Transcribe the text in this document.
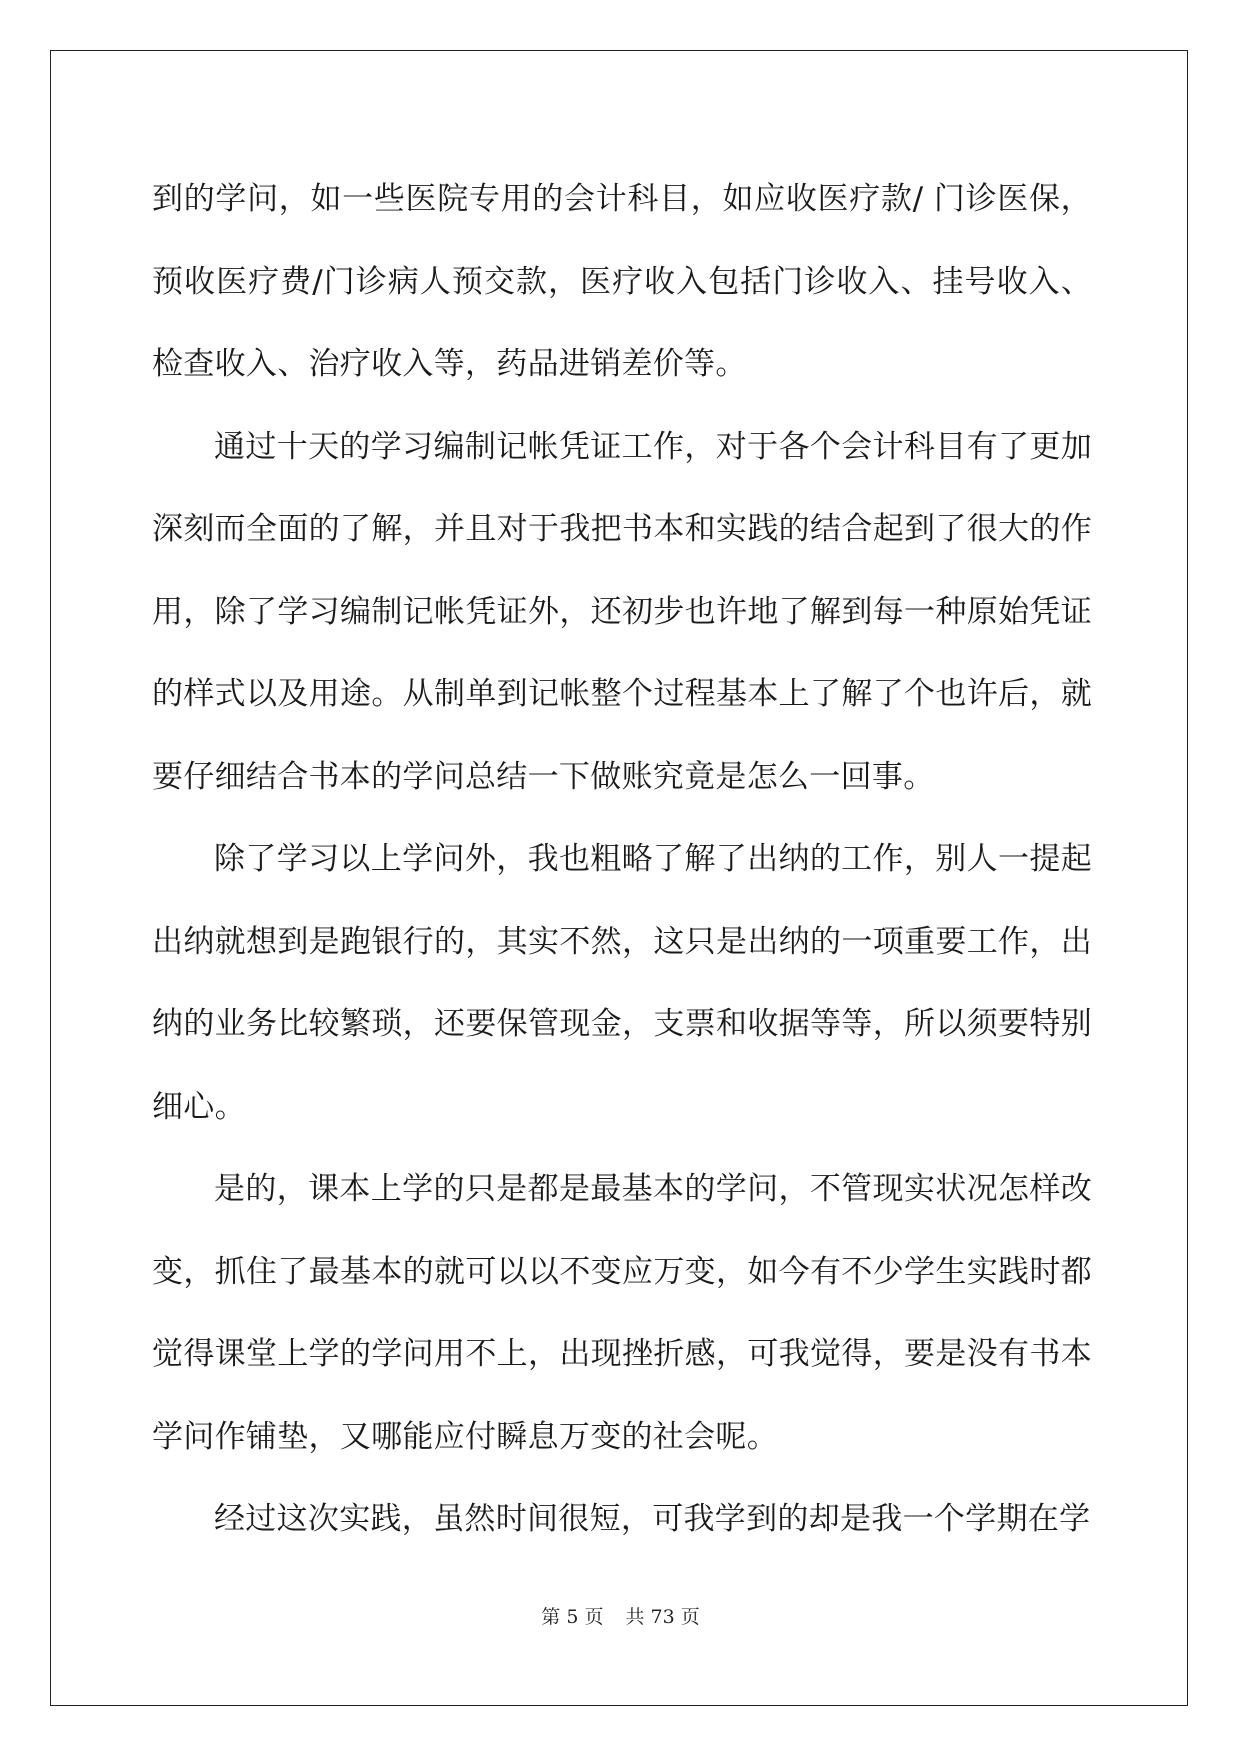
到的学问，如一些医院专用的会计科目，如应收医疗款/ 门诊医保，预收医疗费/门诊病人预交款，医疗收入包括门诊收入、挂号收入、检查收入、治疗收入等，药品进销差价等。

通过十天的学习编制记帐凭证工作，对于各个会计科目有了更加深刻而全面的了解，并且对于我把书本和实践的结合起到了很大的作用，除了学习编制记帐凭证外，还初步也许地了解到每一种原始凭证的样式以及用途。从制单到记帐整个过程基本上了解了个也许后，就要仔细结合书本的学问总结一下做账究竟是怎么一回事。

除了学习以上学问外，我也粗略了解了出纳的工作，别人一提起出纳就想到是跑银行的，其实不然，这只是出纳的一项重要工作，出纳的业务比较繁琐，还要保管现金，支票和收据等等，所以须要特别细心。

是的，课本上学的只是都是最基本的学问，不管现实状况怎样改变，抓住了最基本的就可以以不变应万变，如今有不少学生实践时都觉得课堂上学的学问用不上，出现挫折感，可我觉得，要是没有书本学问作铺垫，又哪能应付瞬息万变的社会呢。

经过这次实践，虽然时间很短，可我学到的却是我一个学期在学

第 5 页 共 73 页
